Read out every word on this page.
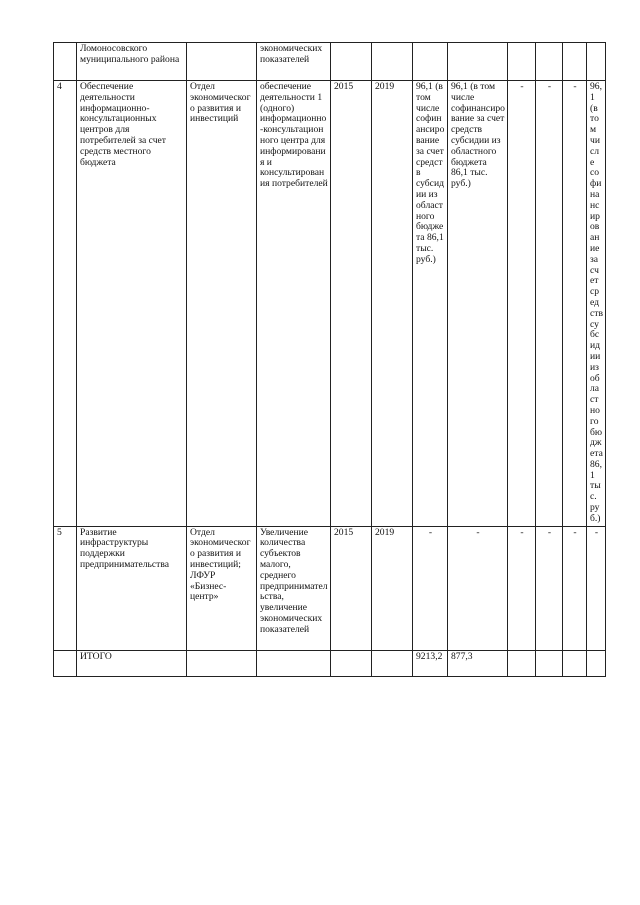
	Ломоносовского муниципального района		экономических показателей								
4	Обеспечение деятельности информационно-консультационных центров для потребителей за счет средств местного бюджета	Отдел экономического развития и инвестиций	обеспечение деятельности 1 (одного) информационно-консультационного центра для информирования и консультирования потребителей	2015	2019	96,1 (в том числе софинансирование за счет средств субсидии из областного бюджета 86,1 тыс. руб.)	96,1 (в том числе софинансирование за счет средств субсидии из областного бюджета 86,1 тыс. руб.)	-	-	-	96,1 (в том числе софинансирование за счет средств субсидии из областного бюджета 86,1 тыс. руб.)
5	Развитие инфраструктуры поддержки предпринимательства	Отдел экономического развития и инвестиций; ЛФУР «Бизнес-центр»	Увеличение количества субъектов малого, среднего предпринимательства, увеличение экономических показателей	2015	2019	-	-	-	-	-	-
	ИТОГО					9213,2	877,3				
